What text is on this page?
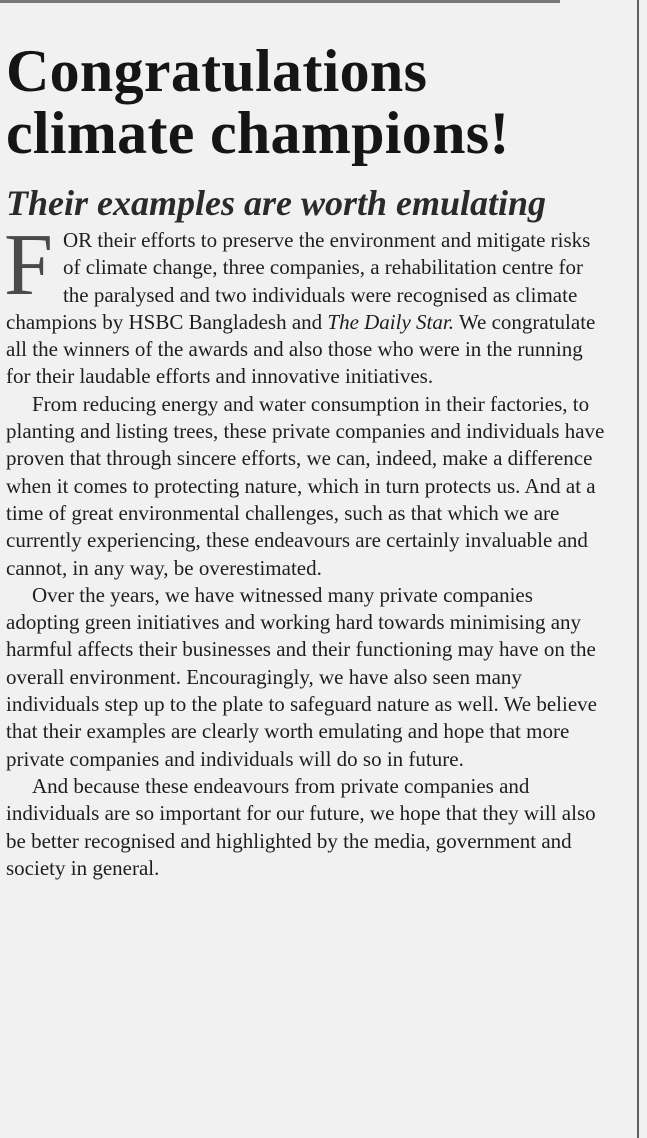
Congratulations climate champions!
Their examples are worth emulating

FOR their efforts to preserve the environment and mitigate risks of climate change, three companies, a rehabilitation centre for the paralysed and two individuals were recognised as climate champions by HSBC Bangladesh and The Daily Star. We congratulate all the winners of the awards and also those who were in the running for their laudable efforts and innovative initiatives.

From reducing energy and water consumption in their factories, to planting and listing trees, these private companies and individuals have proven that through sincere efforts, we can, indeed, make a difference when it comes to protecting nature, which in turn protects us. And at a time of great environmental challenges, such as that which we are currently experiencing, these endeavours are certainly invaluable and cannot, in any way, be overestimated.

Over the years, we have witnessed many private companies adopting green initiatives and working hard towards minimising any harmful affects their businesses and their functioning may have on the overall environment. Encouragingly, we have also seen many individuals step up to the plate to safeguard nature as well. We believe that their examples are clearly worth emulating and hope that more private companies and individuals will do so in future.

And because these endeavours from private companies and individuals are so important for our future, we hope that they will also be better recognised and highlighted by the media, government and society in general.
